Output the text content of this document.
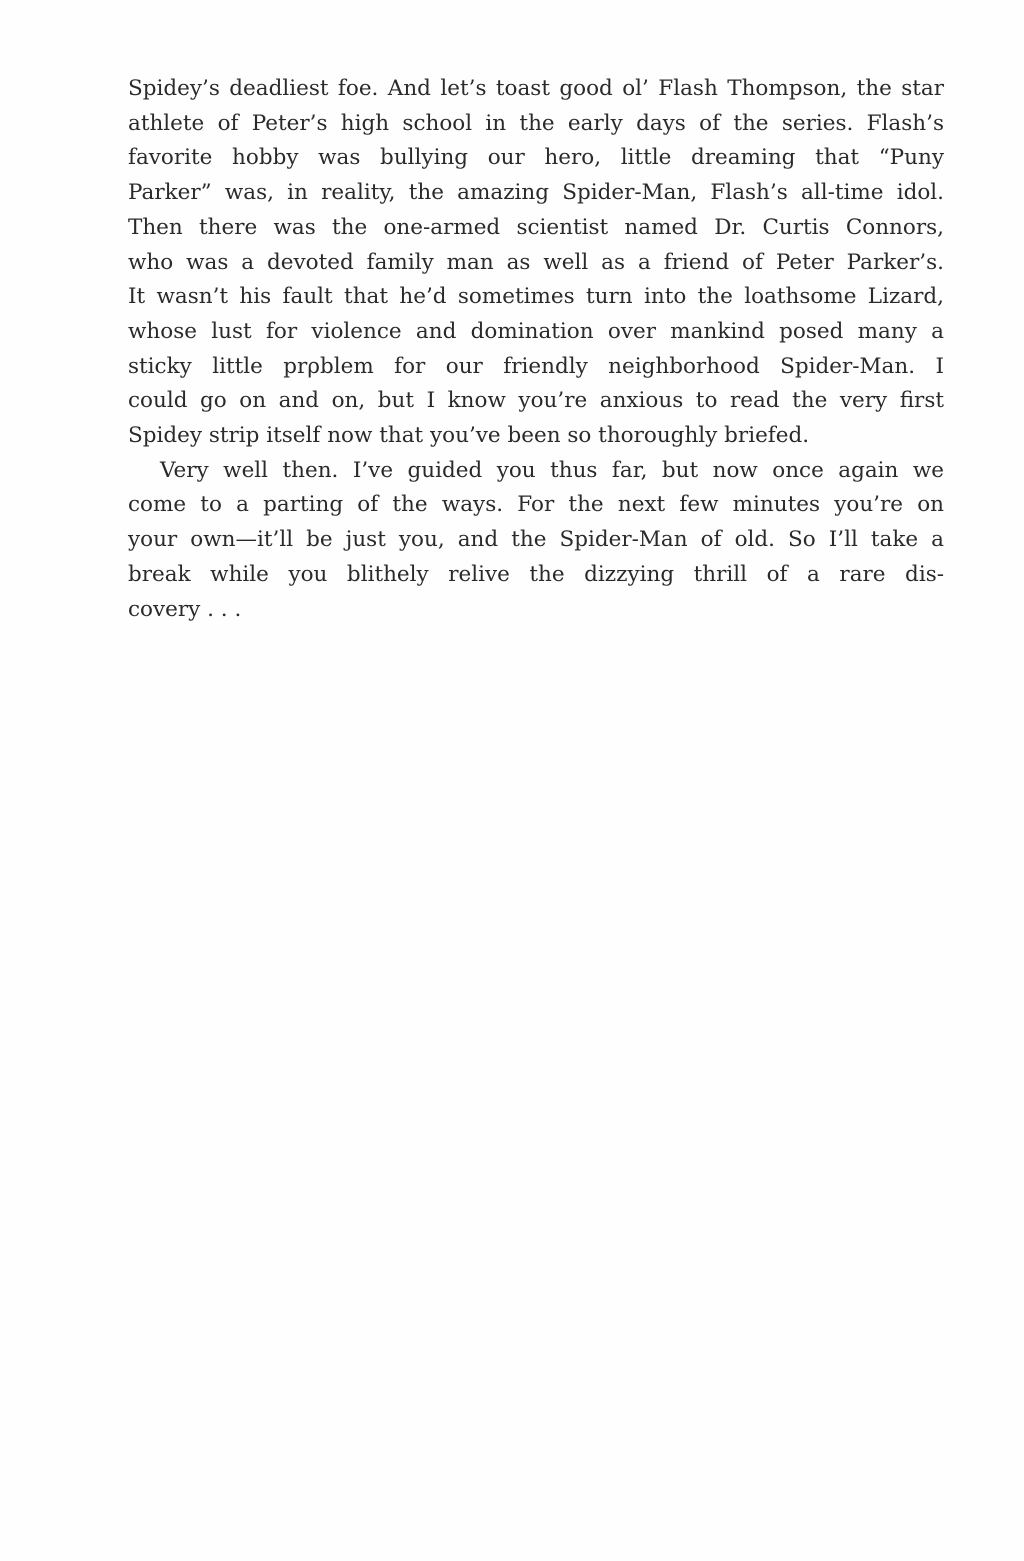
Spidey’s deadliest foe. And let’s toast good ol’ Flash Thompson, the star
athlete of Peter’s high school in the early days of the series. Flash’s
favorite hobby was bullying our hero, little dreaming that “Puny
Parker” was, in reality, the amazing Spider-Man, Flash’s all-time idol.
Then there was the one-armed scientist named Dr. Curtis Connors,
who was a devoted family man as well as a friend of Peter Parker’s.
It wasn’t his fault that he’d sometimes turn into the loathsome Lizard,
whose lust for violence and domination over mankind posed many a
sticky little prρblem for our friendly neighborhood Spider-Man. I
could go on and on, but I know you’re anxious to read the very first
Spidey strip itself now that you’ve been so thoroughly briefed.
Very well then. I’ve guided you thus far, but now once again we
come to a parting of the ways. For the next few minutes you’re on
your own—it’ll be just you, and the Spider-Man of old. So I’ll take a
break while you blithely relive the dizzying thrill of a rare dis-
covery . . .
